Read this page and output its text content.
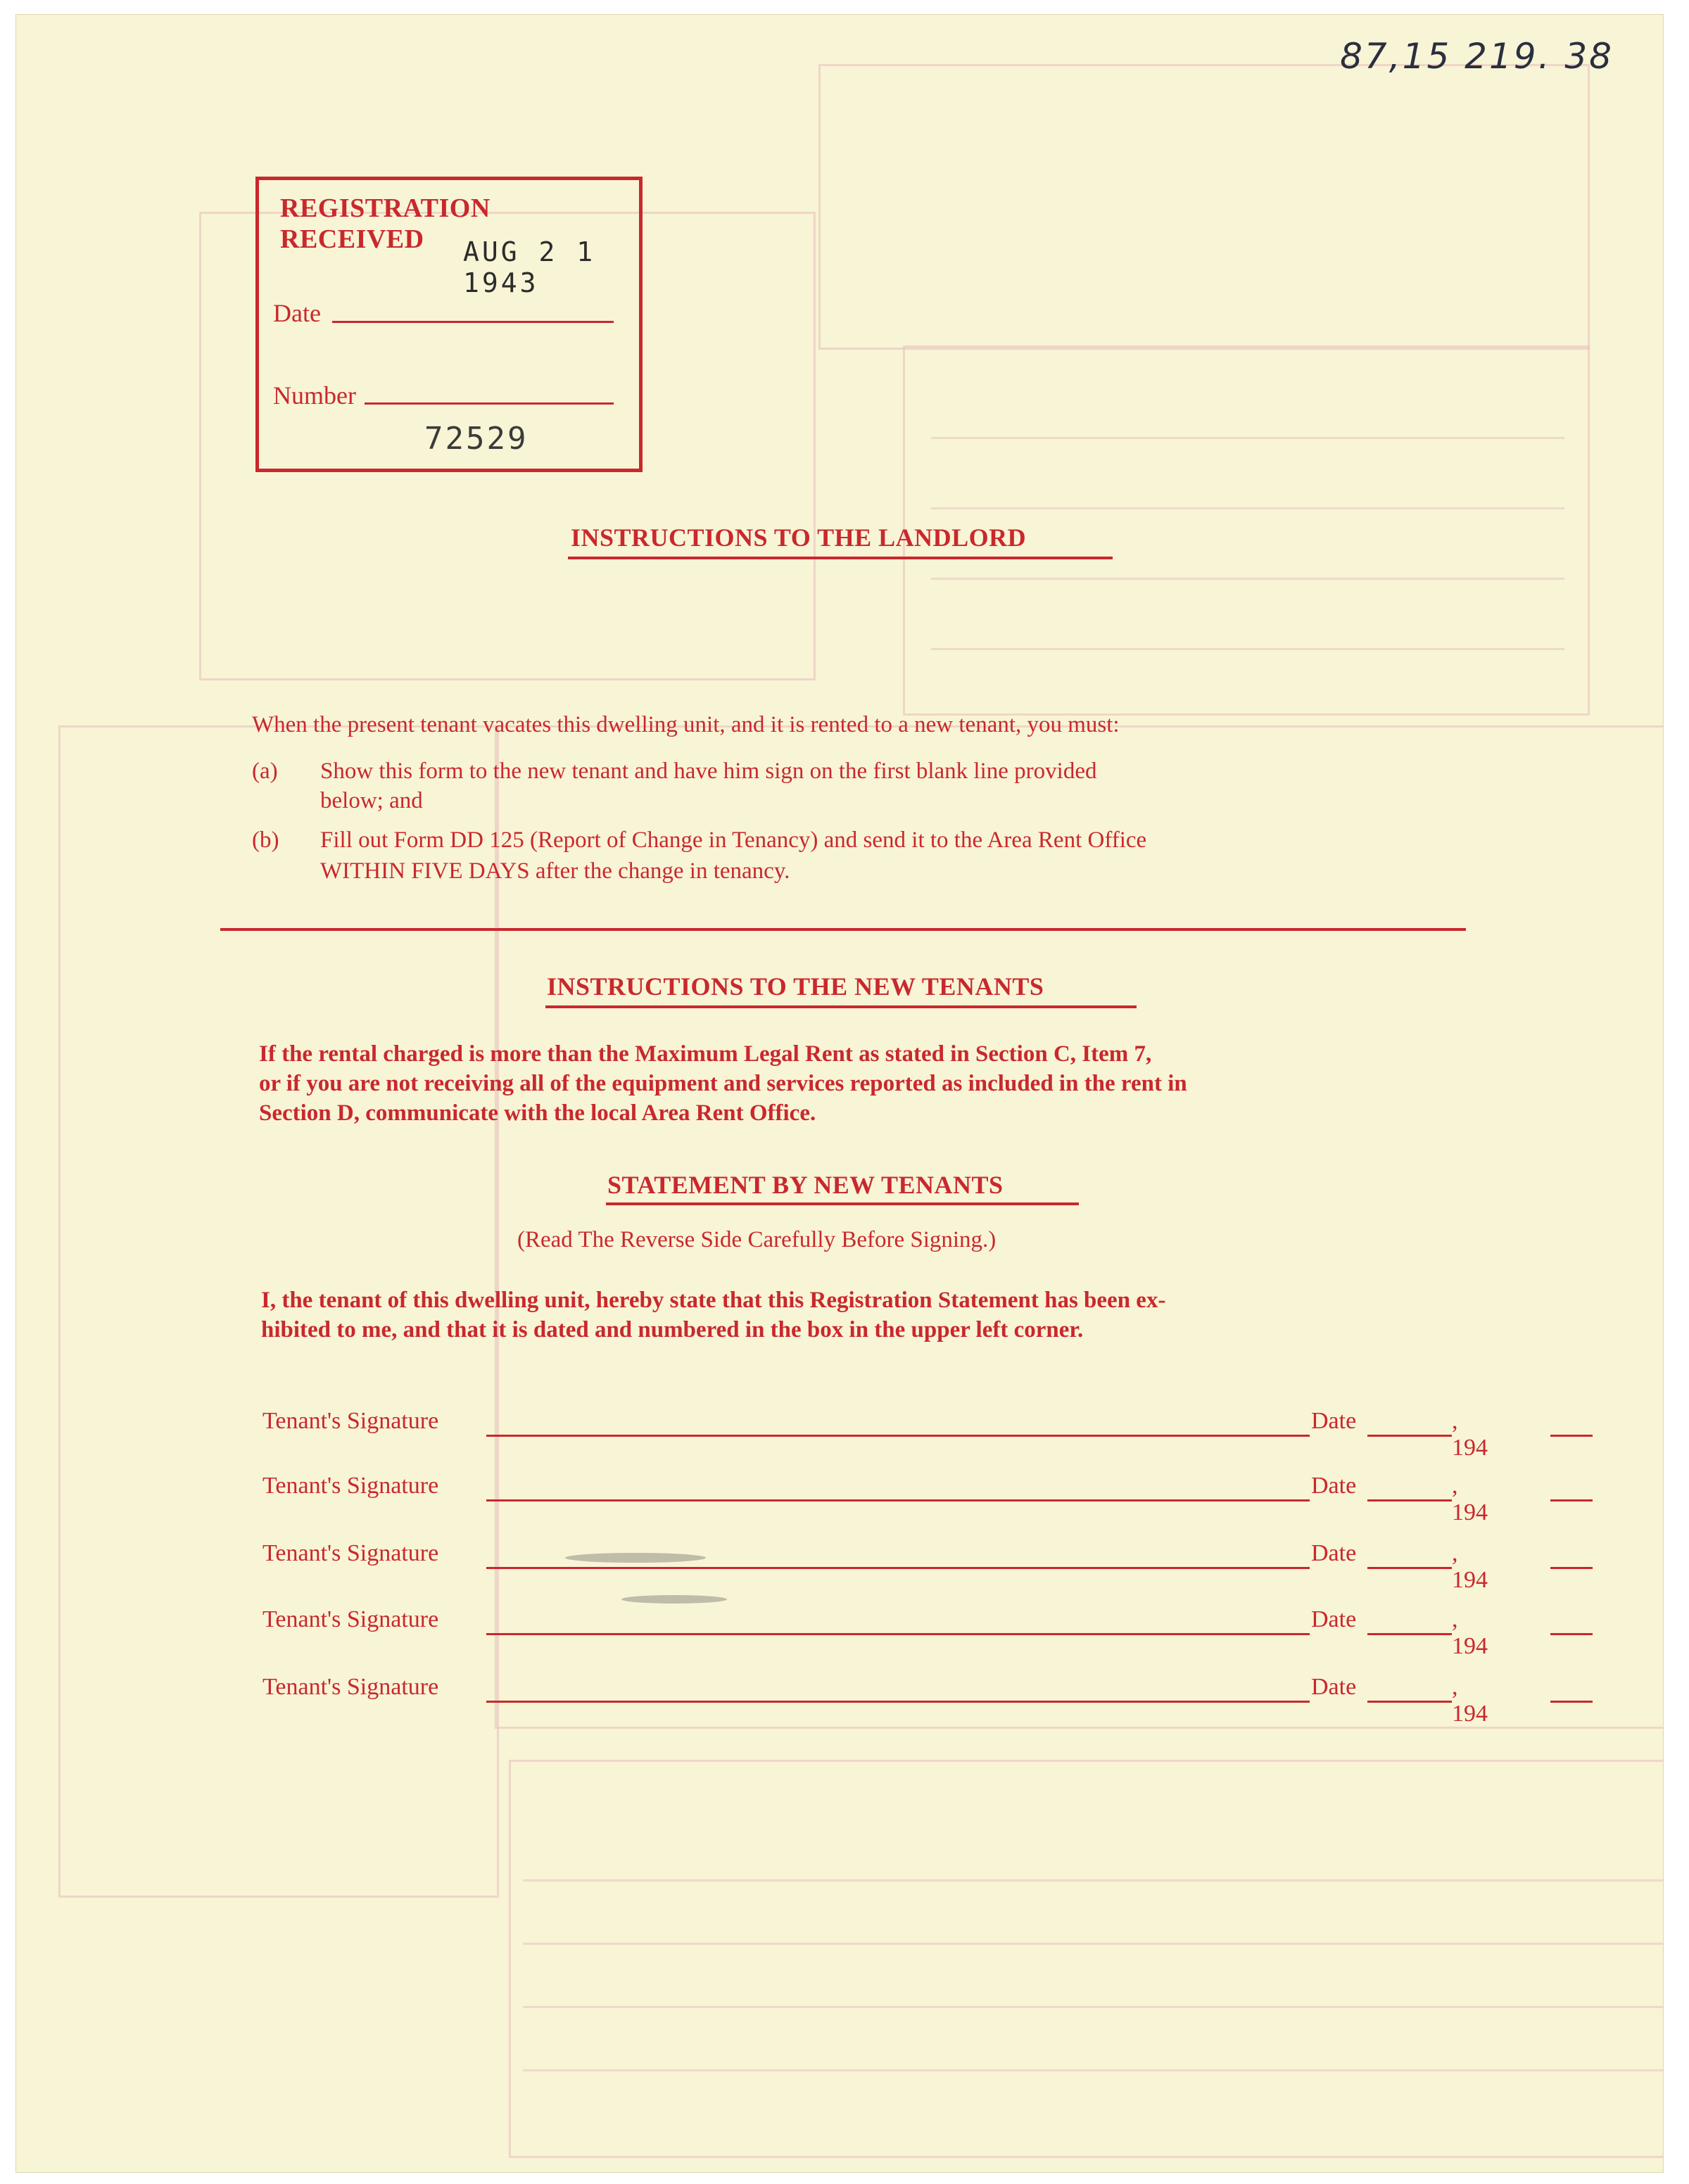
87,15 219. 38
REGISTRATION RECEIVED	AUG 2 1 1943
Date
Number
72529
INSTRUCTIONS TO THE LANDLORD
When the present tenant vacates this dwelling unit, and it is rented to a new tenant, you must:
(a) Show this form to the new tenant and have him sign on the first blank line provided
below; and
(b) Fill out Form DD 125 (Report of Change in Tenancy) and send it to the Area Rent Office
WITHIN FIVE DAYS after the change in tenancy.
INSTRUCTIONS TO THE NEW TENANTS
If the rental charged is more than the Maximum Legal Rent as stated in Section C, Item 7,
or if you are not receiving all of the equipment and services reported as included in the rent in
Section D, communicate with the local Area Rent Office.
STATEMENT BY NEW TENANTS
(Read The Reverse Side Carefully Before Signing.)
I, the tenant of this dwelling unit, hereby state that this Registration Statement has been ex-
hibited to me, and that it is dated and numbered in the box in the upper left corner.
Tenant's Signature	Date	, 194
Tenant's Signature	Date	, 194
Tenant's Signature	Date	, 194
Tenant's Signature	Date	, 194
Tenant's Signature	Date	, 194
